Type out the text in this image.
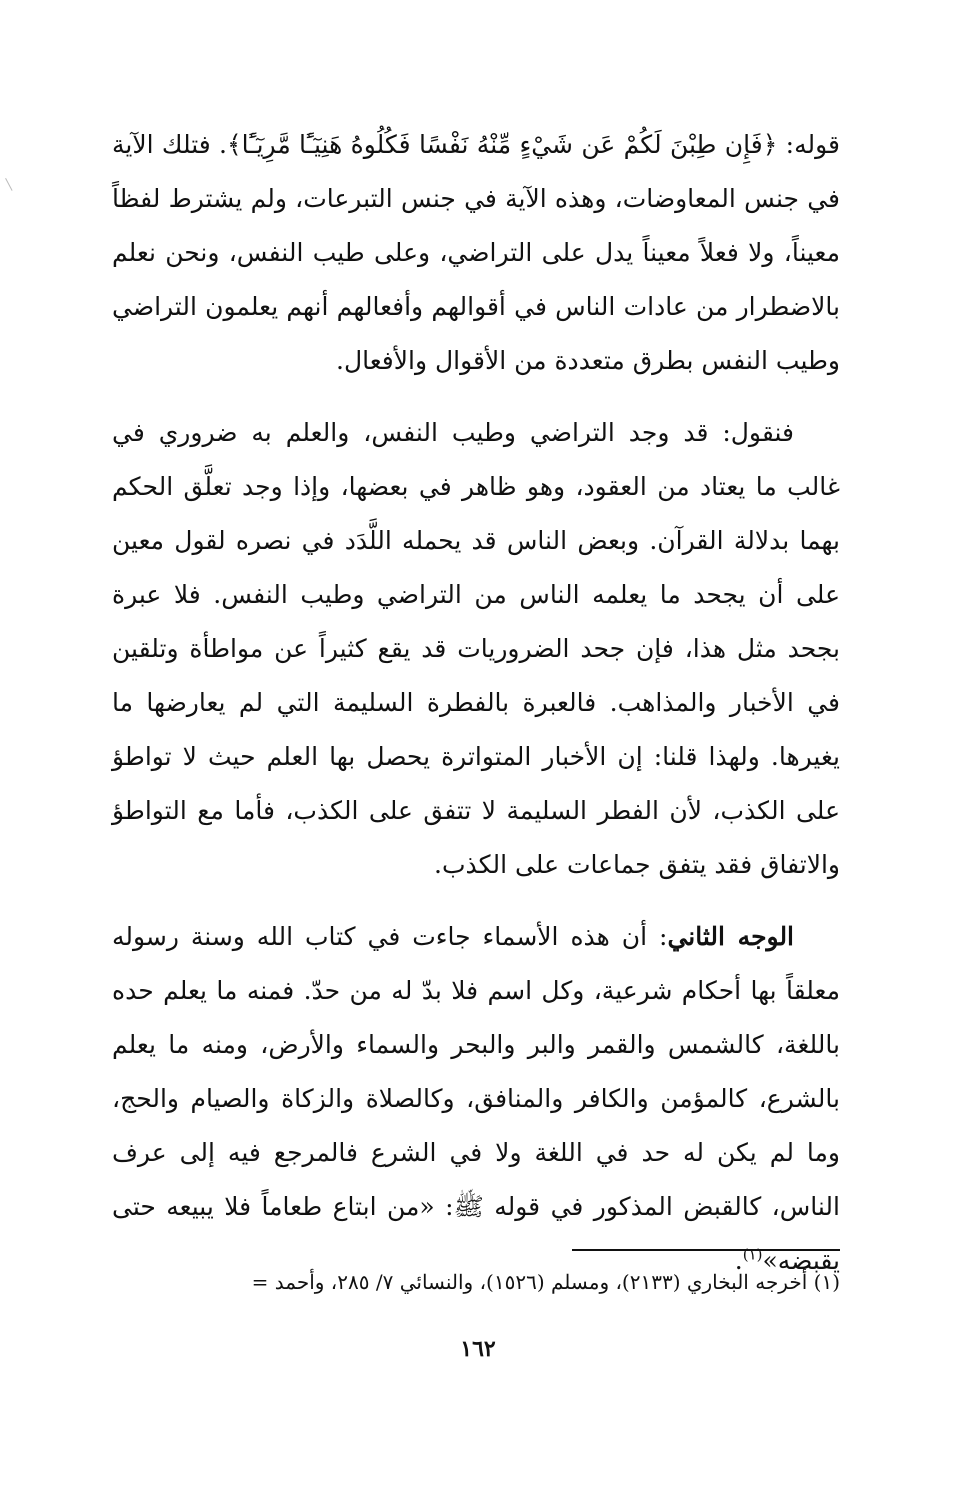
قوله: ﴿فَإِن طِبْنَ لَكُمْ عَن شَيْءٍ مِّنْهُ نَفْسًا فَكُلُوهُ هَنِيٓـًٔا مَّرِيٓـًٔا﴾. فتلك الآية في جنس المعاوضات، وهذه الآية في جنس التبرعات، ولم يشترط لفظاً معيناً، ولا فعلاً معيناً يدل على التراضي، وعلى طيب النفس، ونحن نعلم بالاضطرار من عادات الناس في أقوالهم وأفعالهم أنهم يعلمون التراضي وطيب النفس بطرق متعددة من الأقوال والأفعال.

فنقول: قد وجد التراضي وطيب النفس، والعلم به ضروري في غالب ما يعتاد من العقود، وهو ظاهر في بعضها، وإذا وجد تعلَّق الحكم بهما بدلالة القرآن. وبعض الناس قد يحمله اللَّدَد في نصره لقول معين على أن يجحد ما يعلمه الناس من التراضي وطيب النفس. فلا عبرة بجحد مثل هذا، فإن جحد الضروريات قد يقع كثيراً عن مواطأة وتلقين في الأخبار والمذاهب. فالعبرة بالفطرة السليمة التي لم يعارضها ما يغيرها. ولهذا قلنا: إن الأخبار المتواترة يحصل بها العلم حيث لا تواطؤ على الكذب، لأن الفطر السليمة لا تتفق على الكذب، فأما مع التواطؤ والاتفاق فقد يتفق جماعات على الكذب.

الوجه الثاني: أن هذه الأسماء جاءت في كتاب الله وسنة رسوله معلقاً بها أحكام شرعية، وكل اسم فلا بدّ له من حدّ. فمنه ما يعلم حده باللغة، كالشمس والقمر والبر والبحر والسماء والأرض، ومنه ما يعلم بالشرع، كالمؤمن والكافر والمنافق، وكالصلاة والزكاة والصيام والحج، وما لم يكن له حد في اللغة ولا في الشرع فالمرجع فيه إلى عرف الناس، كالقبض المذكور في قوله ﷺ: «من ابتاع طعاماً فلا يبيعه حتى يقبضه»$^{(١)}$.

(١) أخرجه البخاري (٢١٣٣)، ومسلم (١٥٢٦)، والنسائي ٧/ ٢٨٥، وأحمد =
١٦٢
